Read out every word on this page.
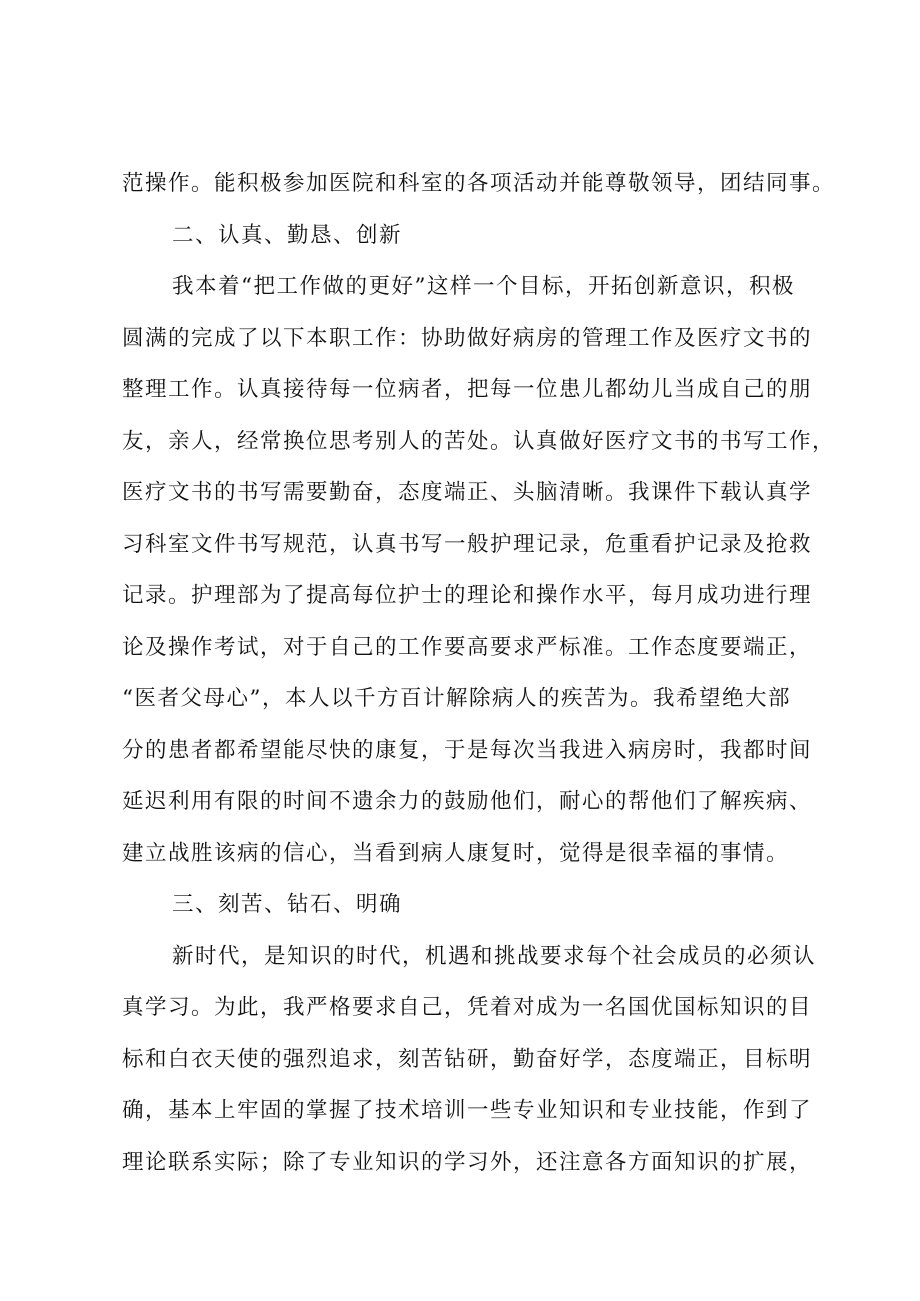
范操作。能积极参加医院和科室的各项活动并能尊敬领导，团结同事。
二、认真、勤恳、创新
我本着“把工作做的更好”这样一个目标，开拓创新意识，积极
圆满的完成了以下本职工作：协助做好病房的管理工作及医疗文书的
整理工作。认真接待每一位病者，把每一位患儿都幼儿当成自己的朋
友，亲人，经常换位思考别人的苦处。认真做好医疗文书的书写工作，
医疗文书的书写需要勤奋，态度端正、头脑清晰。我课件下载认真学
习科室文件书写规范，认真书写一般护理记录，危重看护记录及抢救
记录。护理部为了提高每位护士的理论和操作水平，每月成功进行理
论及操作考试，对于自己的工作要高要求严标准。工作态度要端正，
“医者父母心”，本人以千方百计解除病人的疾苦为。我希望绝大部
分的患者都希望能尽快的康复，于是每次当我进入病房时，我都时间
延迟利用有限的时间不遗余力的鼓励他们，耐心的帮他们了解疾病、
建立战胜该病的信心，当看到病人康复时，觉得是很幸福的事情。
三、刻苦、钻石、明确
新时代，是知识的时代，机遇和挑战要求每个社会成员的必须认
真学习。为此，我严格要求自己，凭着对成为一名国优国标知识的目
标和白衣天使的强烈追求，刻苦钻研，勤奋好学，态度端正，目标明
确，基本上牢固的掌握了技术培训一些专业知识和专业技能，作到了
理论联系实际；除了专业知识的学习外，还注意各方面知识的扩展，
